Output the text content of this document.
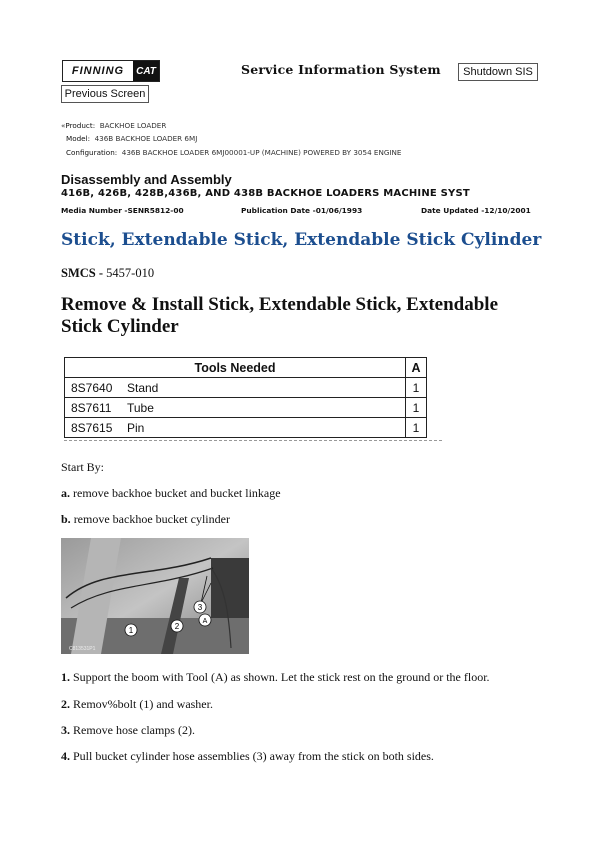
FINNING	CAT	Service Information System	Shutdown SIS
Previous Screen
«Product: BACKHOE LOADER
Model: 436B BACKHOE LOADER 6MJ
Configuration: 436B BACKHOE LOADER 6MJ00001-UP (MACHINE) POWERED BY 3054 ENGINE
Disassembly and Assembly
416B, 426B, 428B,436B, AND 438B BACKHOE LOADERS MACHINE SYST
Media Number -SENR5812-00	Publication Date -01/06/1993	Date Updated -12/10/2001
Stick, Extendable Stick, Extendable Stick Cylinder
SMCS - 5457-010
Remove & Install Stick, Extendable Stick, Extendable Stick Cylinder
Tools Needed		A
8S7640	Stand	1
8S7611	Tube	1
8S7615	Pin	1
Start By:
a. remove backhoe bucket and bucket linkage
b. remove backhoe bucket cylinder
1	2
3
A
C813531P1
1. Support the boom with Tool (A) as shown. Let the stick rest on the ground or the floor.
2. Remov%bolt (1) and washer.
3. Remove hose clamps (2).
4. Pull bucket cylinder hose assemblies (3) away from the stick on both sides.
